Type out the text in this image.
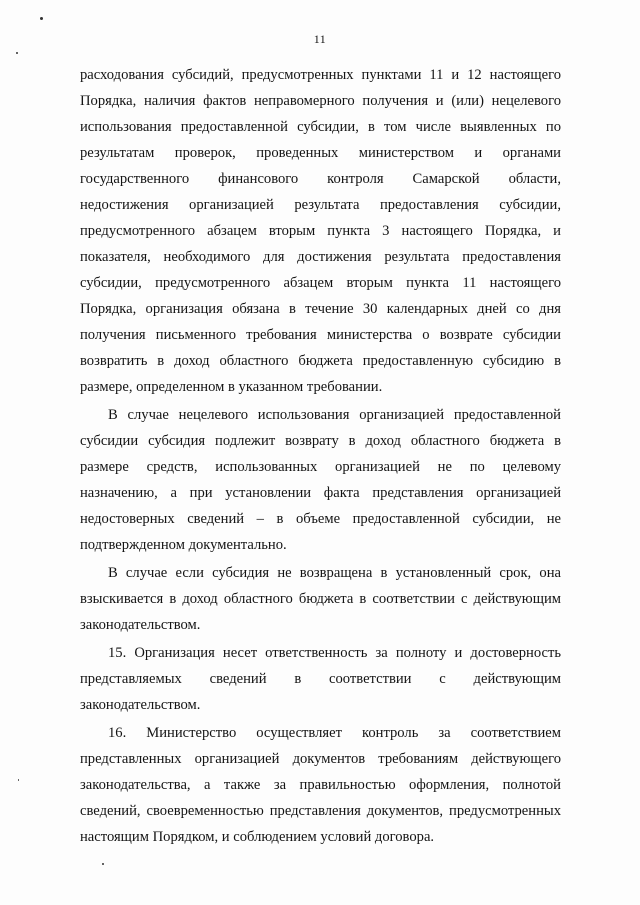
11

расходования субсидий, предусмотренных пунктами 11 и 12 настоящего
Порядка, наличия фактов неправомерного получения и (или) нецелевого
использования предоставленной субсидии, в том числе выявленных по
результатам проверок, проведенных министерством и органами
государственного финансового контроля Самарской области,
недостижения организацией результата предоставления субсидии,
предусмотренного абзацем вторым пункта 3 настоящего Порядка, и
показателя, необходимого для достижения результата предоставления
субсидии, предусмотренного абзацем вторым пункта 11 настоящего
Порядка, организация обязана в течение 30 календарных дней со дня
получения письменного требования министерства о возврате субсидии
возвратить в доход областного бюджета предоставленную субсидию в
размере, определенном в указанном требовании.

В случае нецелевого использования организацией предоставленной
субсидии субсидия подлежит возврату в доход областного бюджета в
размере средств, использованных организацией не по целевому
назначению, а при установлении факта представления организацией
недостоверных сведений – в объеме предоставленной субсидии, не
подтвержденном документально.

В случае если субсидия не возвращена в установленный срок, она
взыскивается в доход областного бюджета в соответствии с действующим
законодательством.

15. Организация несет ответственность за полноту и достоверность
представляемых сведений в соответствии с действующим
законодательством.

16. Министерство осуществляет контроль за соответствием
представленных организацией документов требованиям действующего
законодательства, а также за правильностью оформления, полнотой
сведений, своевременностью представления документов, предусмотренных
настоящим Порядком, и соблюдением условий договора.
